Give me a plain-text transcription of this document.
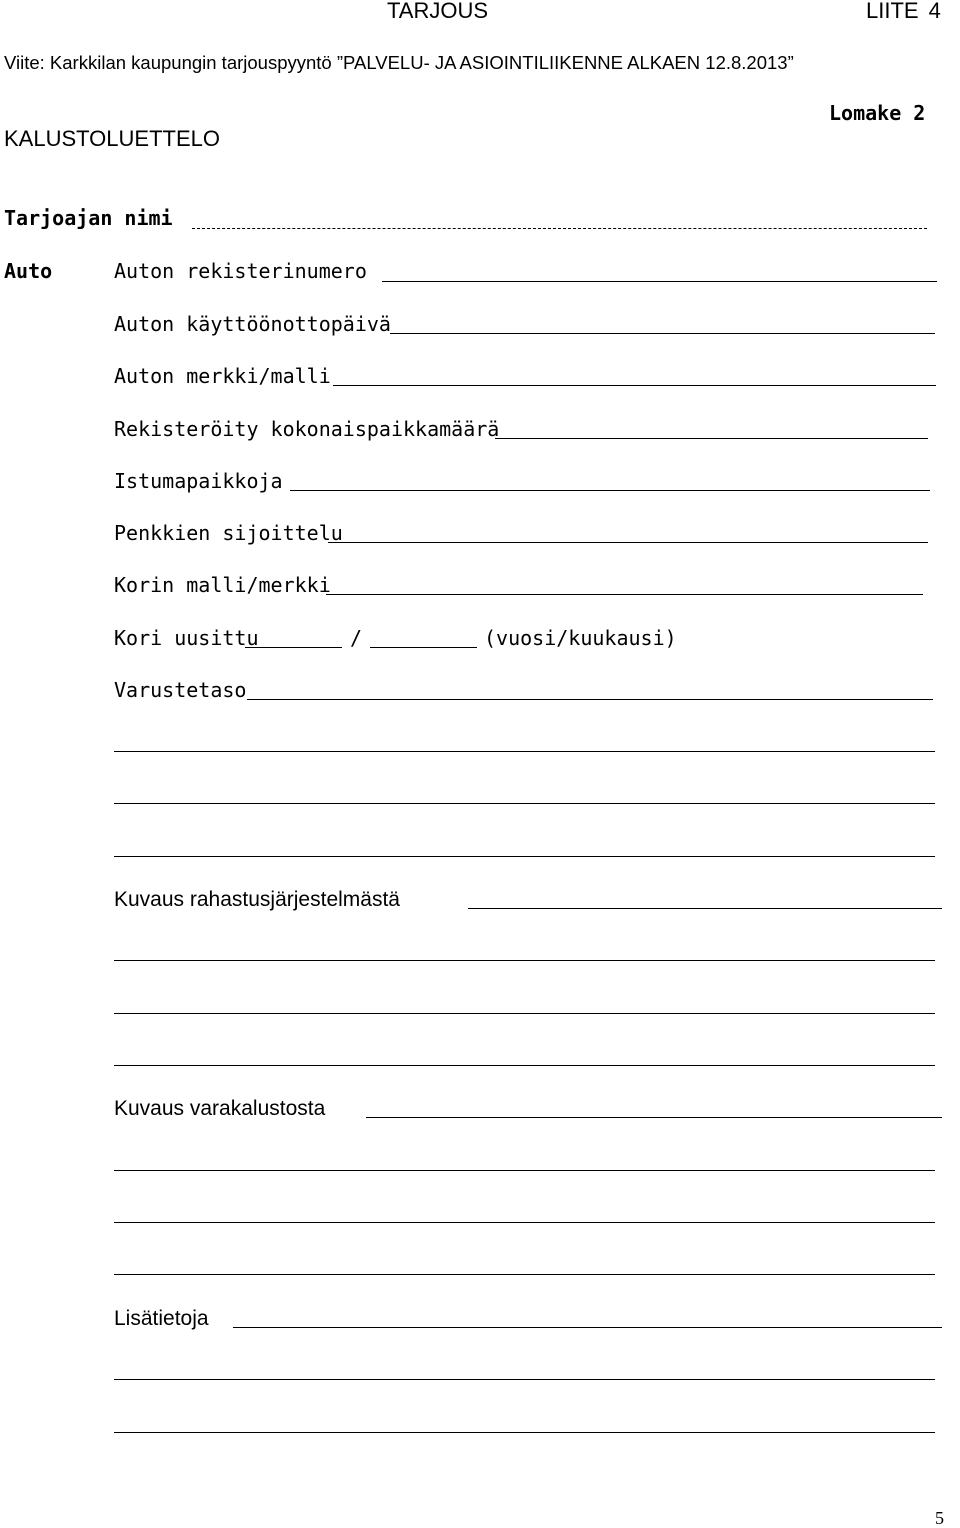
TARJOUS	LIITE 4
Viite: Karkkilan kaupungin tarjouspyyntö ”PALVELU- JA ASIOINTILIIKENNE ALKAEN 12.8.2013”
Lomake 2
KALUSTOLUETTELO
Tarjoajan nimi
Auto	Auton rekisterinumero
Auton käyttöönottopäivä
Auton merkki/malli
Rekisteröity kokonaispaikkamäärä
Istumapaikkoja
Penkkien sijoittelu
Korin malli/merkki
Kori uusittu	/	(vuosi/kuukausi)
Varustetaso
Kuvaus rahastusjärjestelmästä
Kuvaus varakalustosta
Lisätietoja
5
